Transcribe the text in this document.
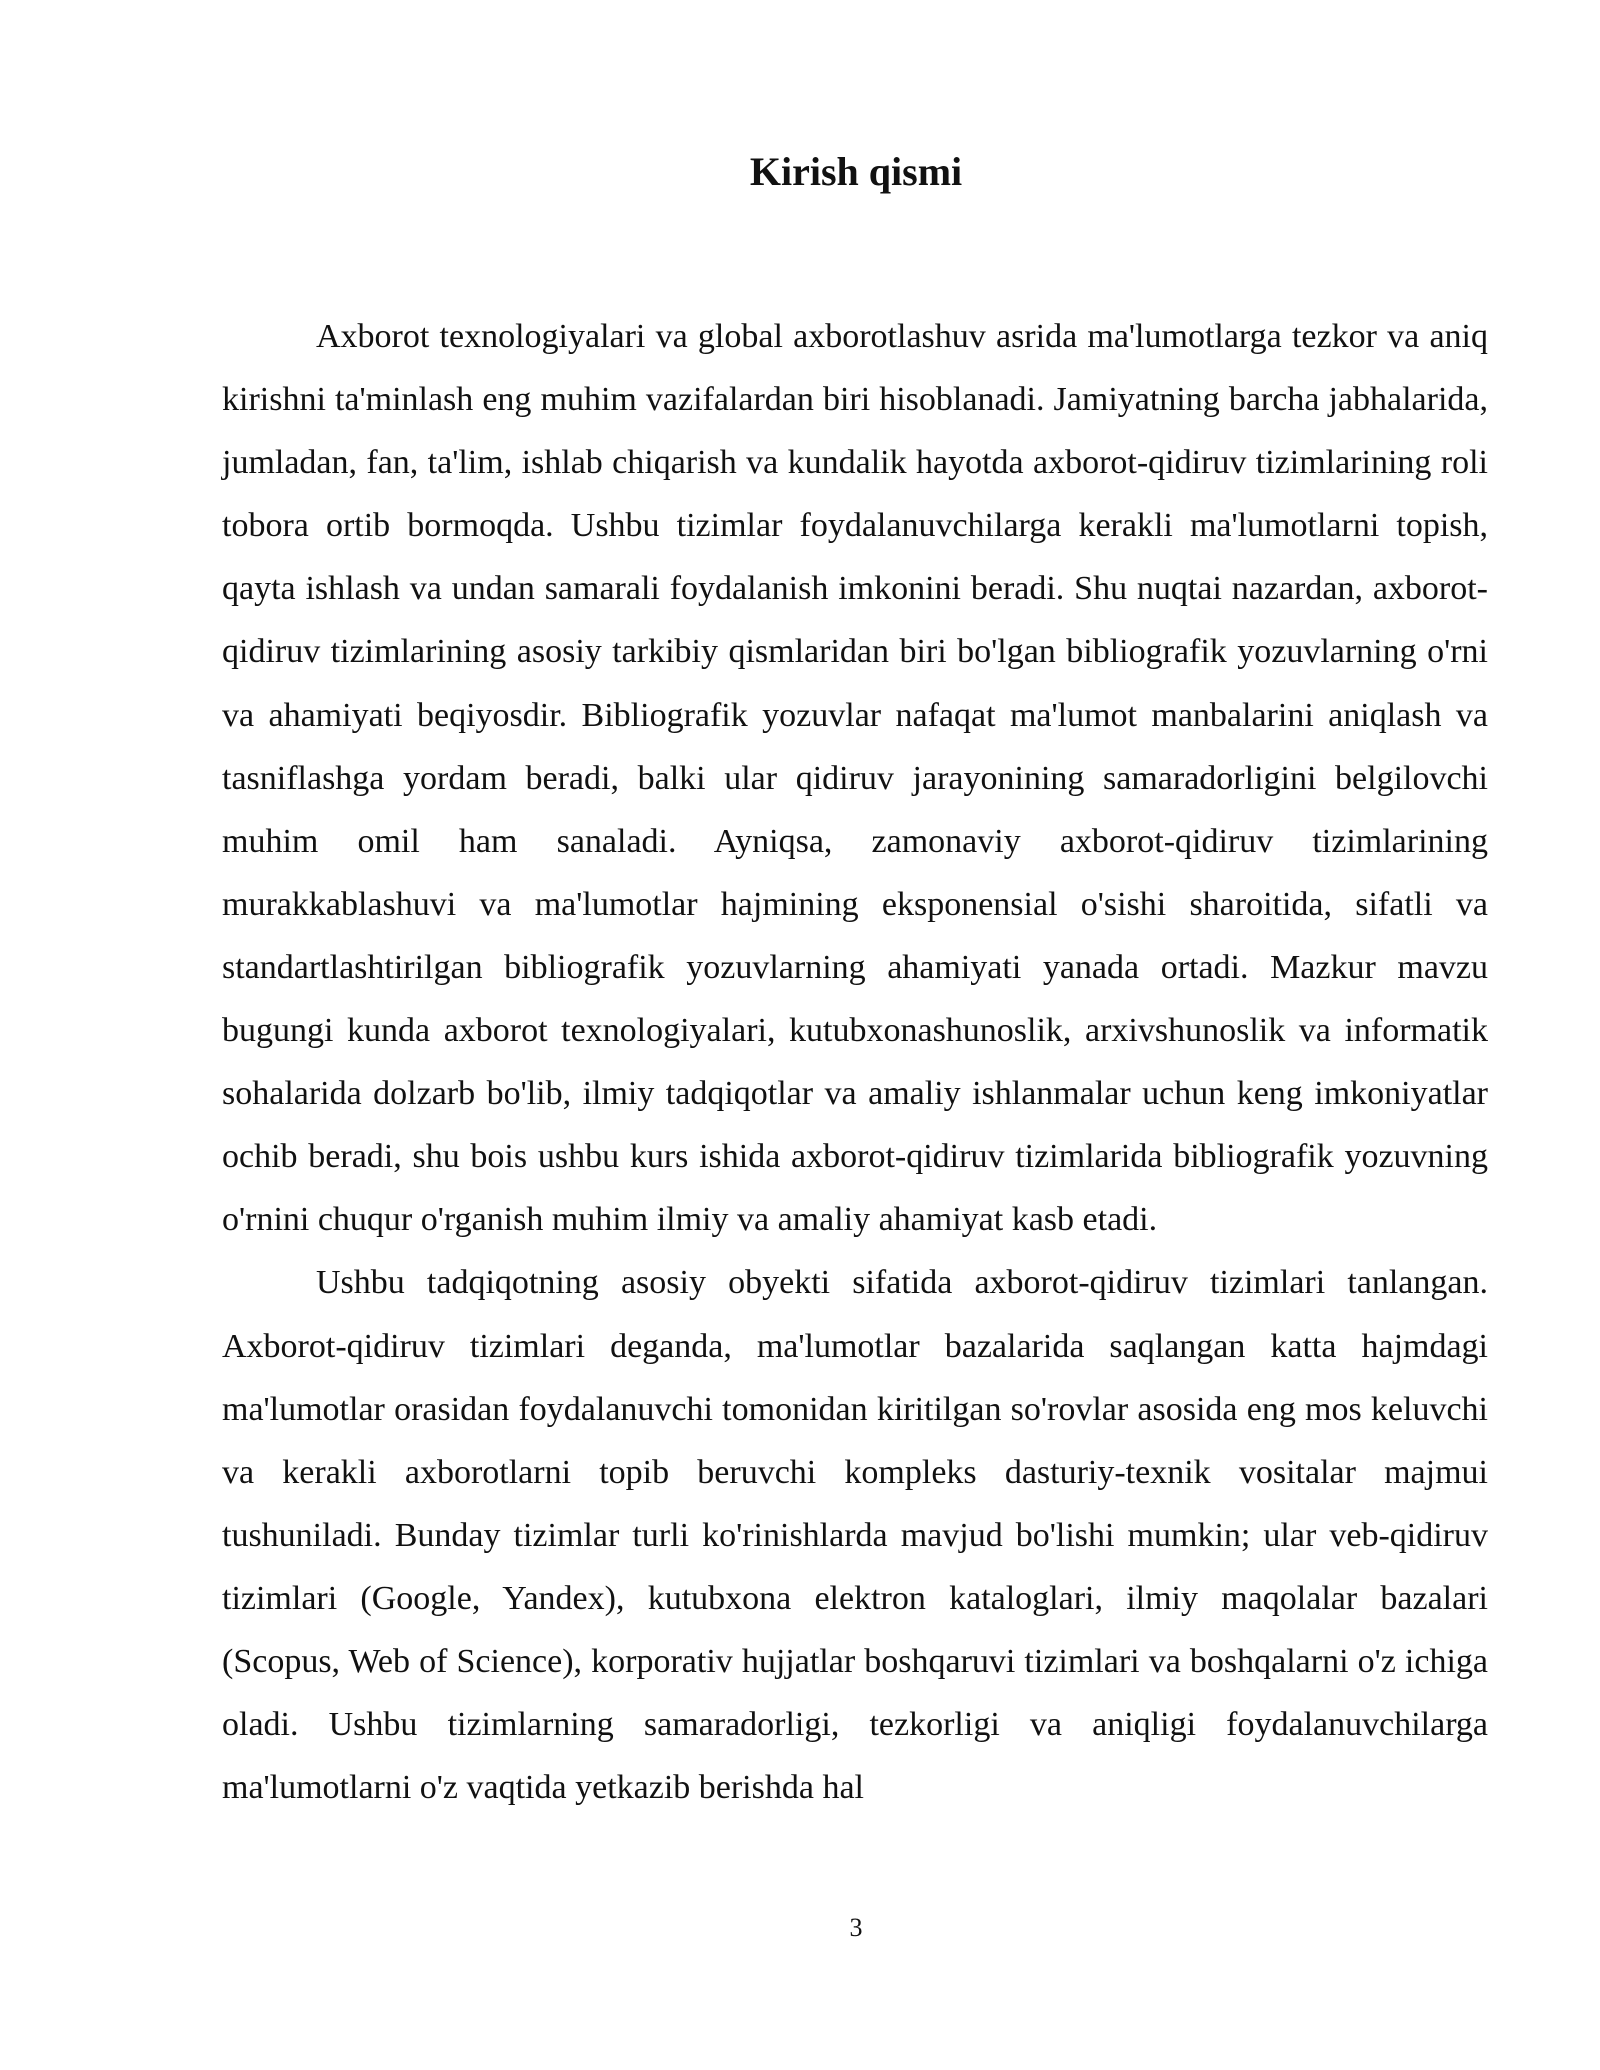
Kirish qismi

Axborot texnologiyalari va global axborotlashuv asrida ma'lumotlarga tezkor va aniq kirishni ta'minlash eng muhim vazifalardan biri hisoblanadi. Jamiyatning barcha jabhalarida, jumladan, fan, ta'lim, ishlab chiqarish va kundalik hayotda axborot-qidiruv tizimlarining roli tobora ortib bormoqda. Ushbu tizimlar foydalanuvchilarga kerakli ma'lumotlarni topish, qayta ishlash va undan samarali foydalanish imkonini beradi. Shu nuqtai nazardan, axborot-qidiruv tizimlarining asosiy tarkibiy qismlaridan biri bo'lgan bibliografik yozuvlarning o'rni va ahamiyati beqiyosdir. Bibliografik yozuvlar nafaqat ma'lumot manbalarini aniqlash va tasniflashga yordam beradi, balki ular qidiruv jarayonining samaradorligini belgilovchi muhim omil ham sanaladi. Ayniqsa, zamonaviy axborot-qidiruv tizimlarining murakkablashuvi va ma'lumotlar hajmining eksponensial o'sishi sharoitida, sifatli va standartlashtirilgan bibliografik yozuvlarning ahamiyati yanada ortadi. Mazkur mavzu bugungi kunda axborot texnologiyalari, kutubxonashunoslik, arxivshunoslik va informatik sohalarida dolzarb bo'lib, ilmiy tadqiqotlar va amaliy ishlanmalar uchun keng imkoniyatlar ochib beradi, shu bois ushbu kurs ishida axborot-qidiruv tizimlarida bibliografik yozuvning o'rnini chuqur o'rganish muhim ilmiy va amaliy ahamiyat kasb etadi.

Ushbu tadqiqotning asosiy obyekti sifatida axborot-qidiruv tizimlari tanlangan. Axborot-qidiruv tizimlari deganda, ma'lumotlar bazalarida saqlangan katta hajmdagi ma'lumotlar orasidan foydalanuvchi tomonidan kiritilgan so'rovlar asosida eng mos keluvchi va kerakli axborotlarni topib beruvchi kompleks dasturiy-texnik vositalar majmui tushuniladi. Bunday tizimlar turli ko'rinishlarda mavjud bo'lishi mumkin; ular veb-qidiruv tizimlari (Google, Yandex), kutubxona elektron kataloglari, ilmiy maqolalar bazalari (Scopus, Web of Science), korporativ hujjatlar boshqaruvi tizimlari va boshqalarni o'z ichiga oladi. Ushbu tizimlarning samaradorligi, tezkorligi va aniqligi foydalanuvchilarga ma'lumotlarni o'z vaqtida yetkazib berishda hal

3
